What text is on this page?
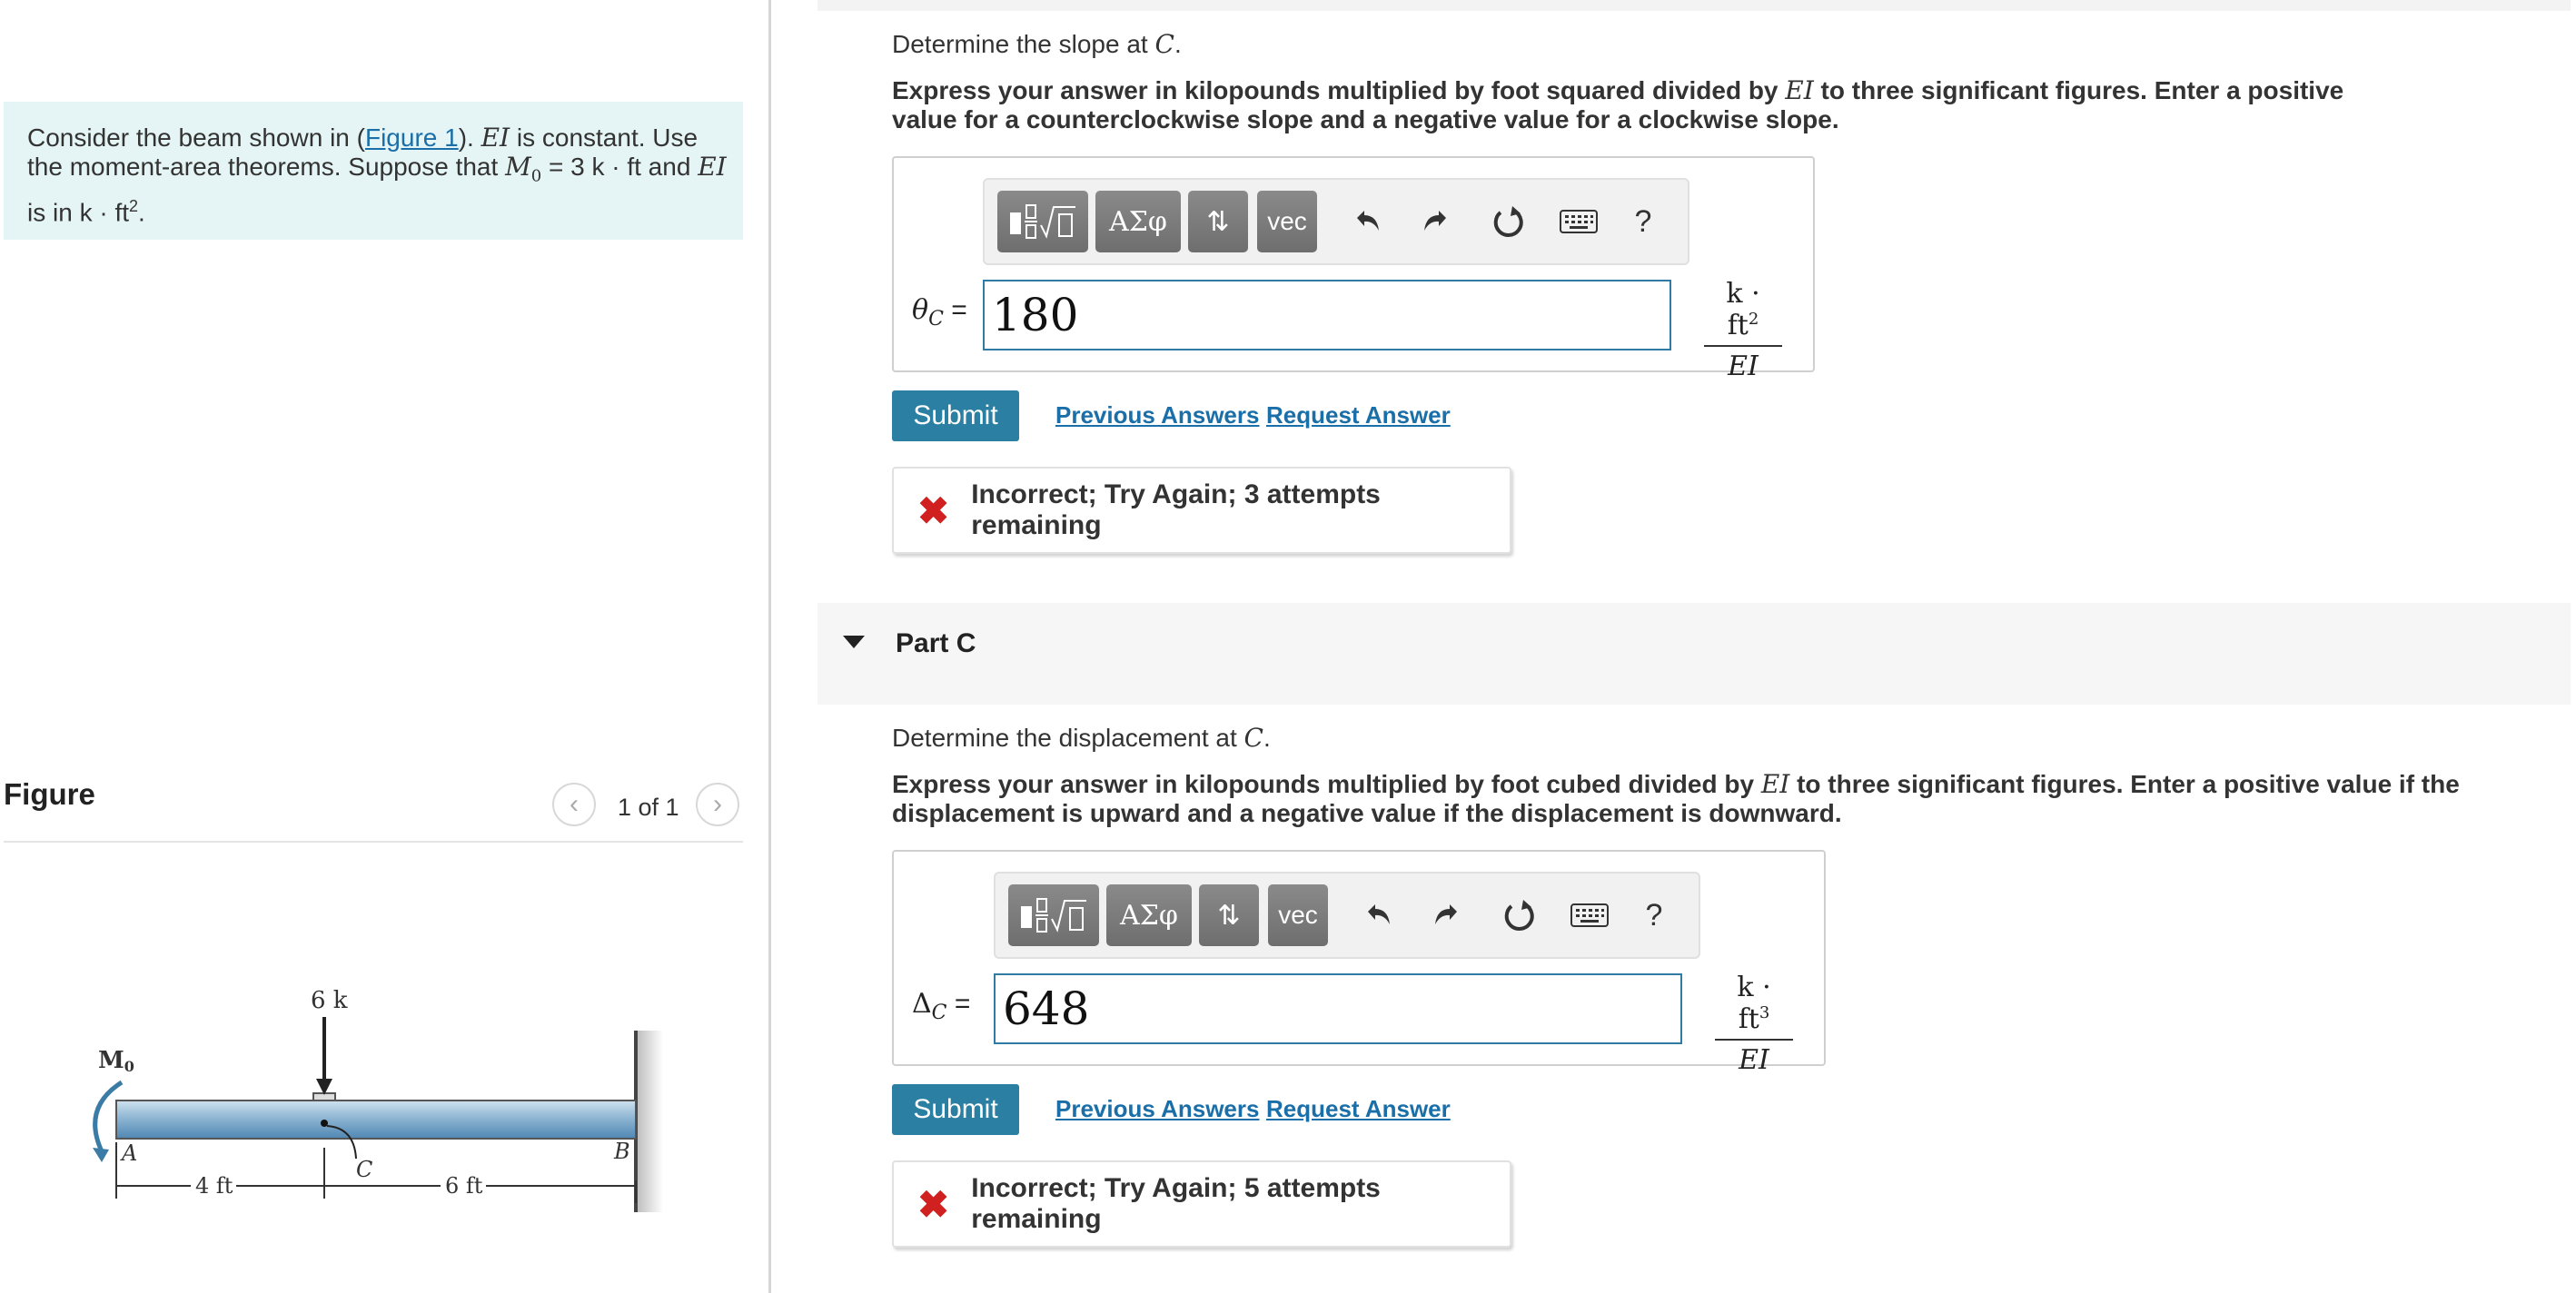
Consider the beam shown in (Figure 1). EI is constant. Use the moment-area theorems. Suppose that $M_0 = 3$ k · ft and EI is in $k \cdot ft^2$.
Figure	‹ 1 of 1 ›
6 k
C
M0
A	B
4 ft	6 ft
Determine the slope at C.
Express your answer in kilopounds multiplied by foot squared divided by EI to three significant figures. Enter a positive value for a counterclockwise slope and a negative value for a clockwise slope.
ΑΣφ	⇅	vec	?
$\theta_C = 180$	$k \cdot ft^2$
EI
Submit	Previous Answers Request Answer
✖ Incorrect; Try Again; 3 attempts remaining
Part C
Determine the displacement at C.
Express your answer in kilopounds multiplied by foot cubed divided by EI to three significant figures. Enter a positive value if the displacement is upward and a negative value if the displacement is downward.
ΑΣφ	⇅	vec	?
$\Delta_C = 648$	$k \cdot ft^3$
EI
Submit	Previous Answers Request Answer
✖ Incorrect; Try Again; 5 attempts remaining
